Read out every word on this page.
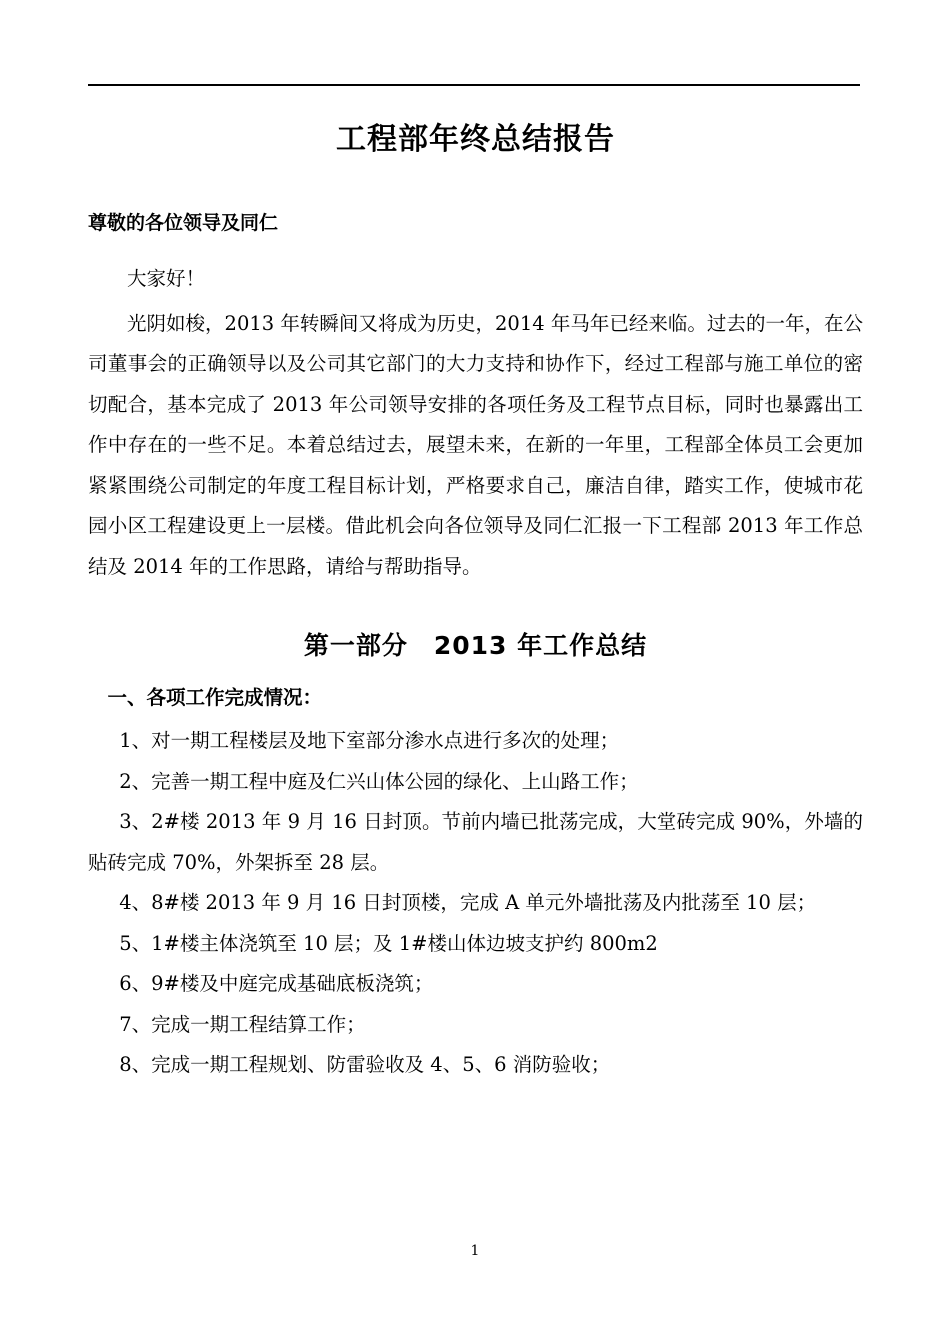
工程部年终总结报告

尊敬的各位领导及同仁

大家好！

光阴如梭，2013 年转瞬间又将成为历史，2014 年马年已经来临。过去的一年，在公司董事会的正确领导以及公司其它部门的大力支持和协作下，经过工程部与施工单位的密切配合，基本完成了 2013 年公司领导安排的各项任务及工程节点目标，同时也暴露出工作中存在的一些不足。本着总结过去，展望未来，在新的一年里，工程部全体员工会更加紧紧围绕公司制定的年度工程目标计划，严格要求自己，廉洁自律，踏实工作，使城市花园小区工程建设更上一层楼。借此机会向各位领导及同仁汇报一下工程部 2013 年工作总结及 2014 年的工作思路，请给与帮助指导。

第一部分　2013 年工作总结
一、各项工作完成情况：
1、对一期工程楼层及地下室部分渗水点进行多次的处理；
2、完善一期工程中庭及仁兴山体公园的绿化、上山路工作；
3、2#楼 2013 年 9 月 16 日封顶。节前内墙已批荡完成，大堂砖完成 90%，外墙的贴砖完成 70%，外架拆至 28 层。
4、8#楼 2013 年 9 月 16 日封顶楼，完成 A 单元外墙批荡及内批荡至 10 层；
5、1#楼主体浇筑至 10 层；及 1#楼山体边坡支护约 800m2
6、9#楼及中庭完成基础底板浇筑；
7、完成一期工程结算工作；
8、完成一期工程规划、防雷验收及 4、5、6 消防验收；
1
